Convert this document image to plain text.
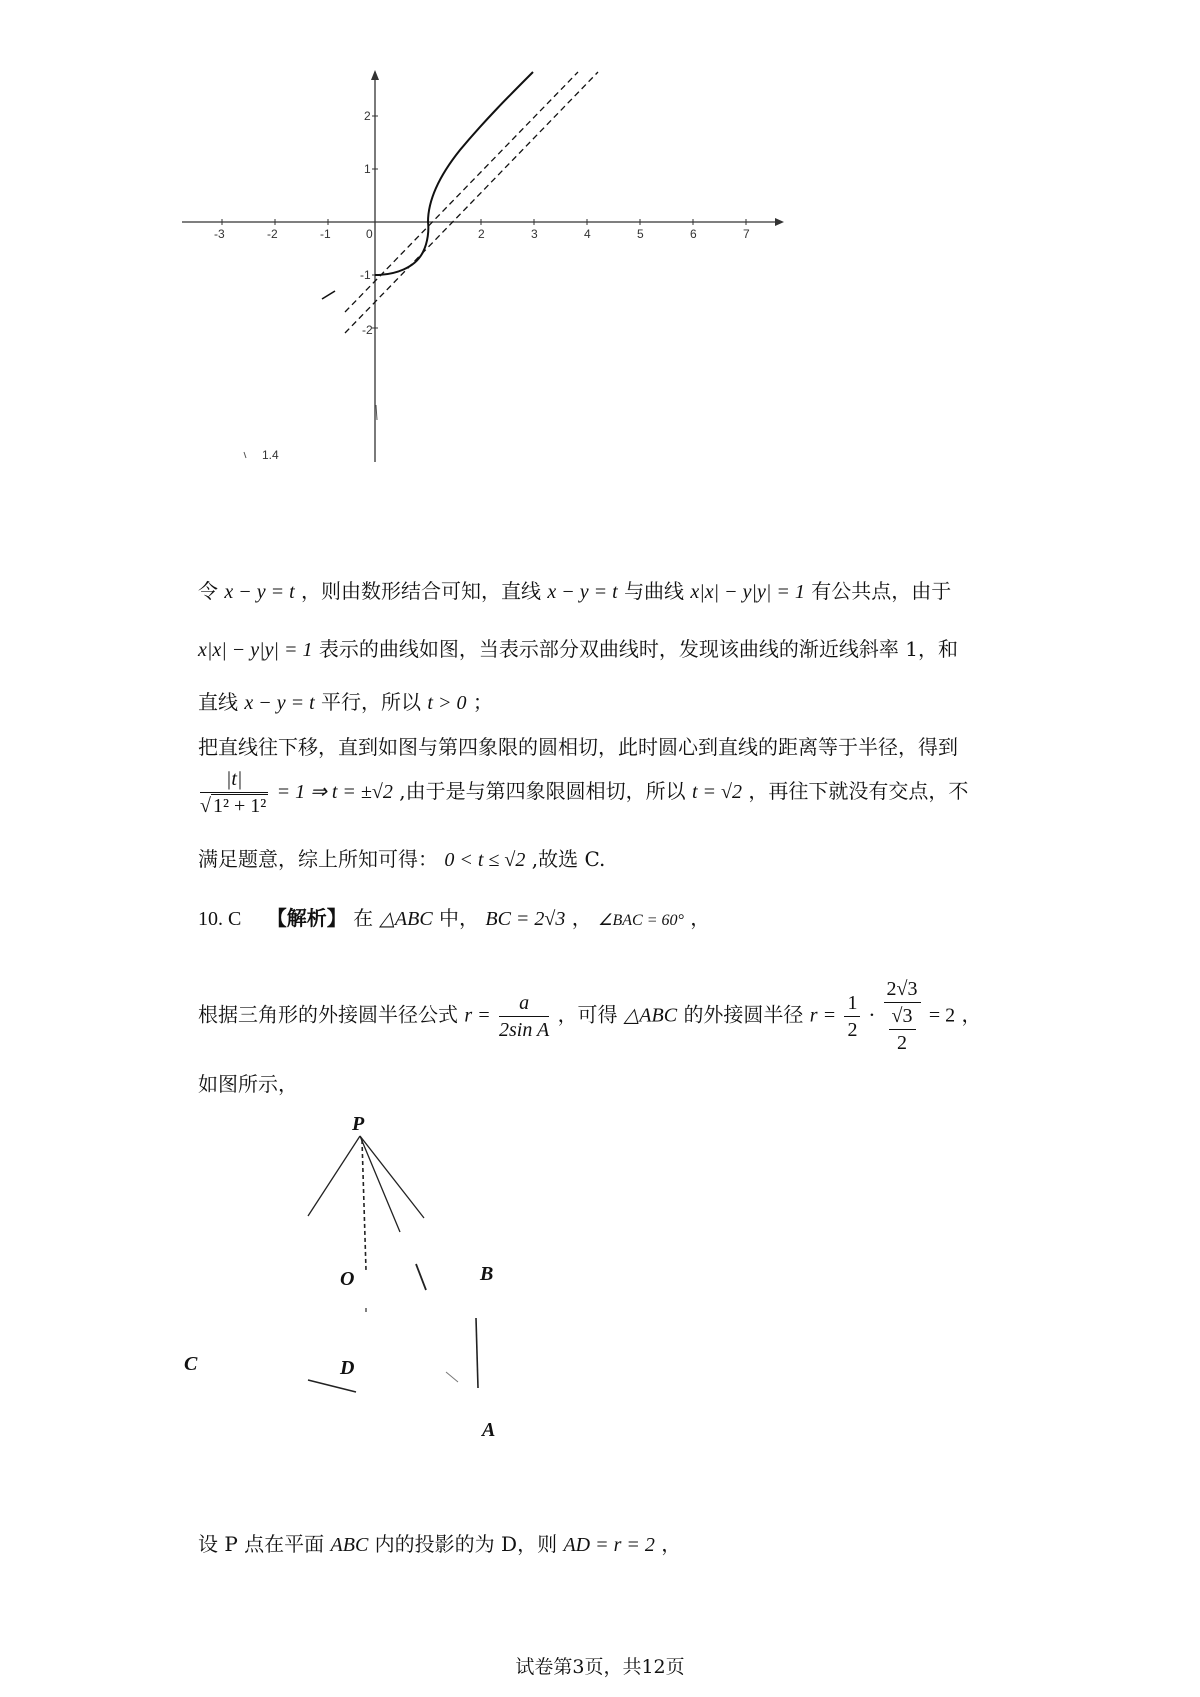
-3	-2	-1	0	2	3	4	5	6	7
2
1
-1
-2
1.4
令 x − y = t ，则由数形结合可知，直线 x − y = t 与曲线 x|x| − y|y| = 1 有公共点，由于
x|x| − y|y| = 1 表示的曲线如图，当表示部分双曲线时，发现该曲线的渐近线斜率 1，和
直线 x − y = t 平行，所以 t > 0 ；
把直线往下移，直到如图与第四象限的圆相切，此时圆心到直线的距离等于半径，得到
$\frac{|t|}{\text{√ 1² + 1²}} = 1$ ⇒ t = ±√2 ,由于是与第四象限圆相切，所以 t = √2 ，再往下就没有交点，不
满足题意，综上所知可得： 0 < t ≤ √2 ,故选 C.
10. C 【解析】 在 △ABC 中， BC = 2√3 ， ∠BAC = 60° ，
根据三角形的外接圆半径公式 $r = \frac{a}{\text{2sin A}}$ ，可得 △ABC 的外接圆半径 $r = \frac{1}{2} \cdot \frac{2√3}{\frac{√3}{2}} = 2$ ，
如图所示，
P
O	B
C	D
A
设 P 点在平面 ABC 内的投影的为 D，则 AD = r = 2 ，
试卷第3页，共12页
